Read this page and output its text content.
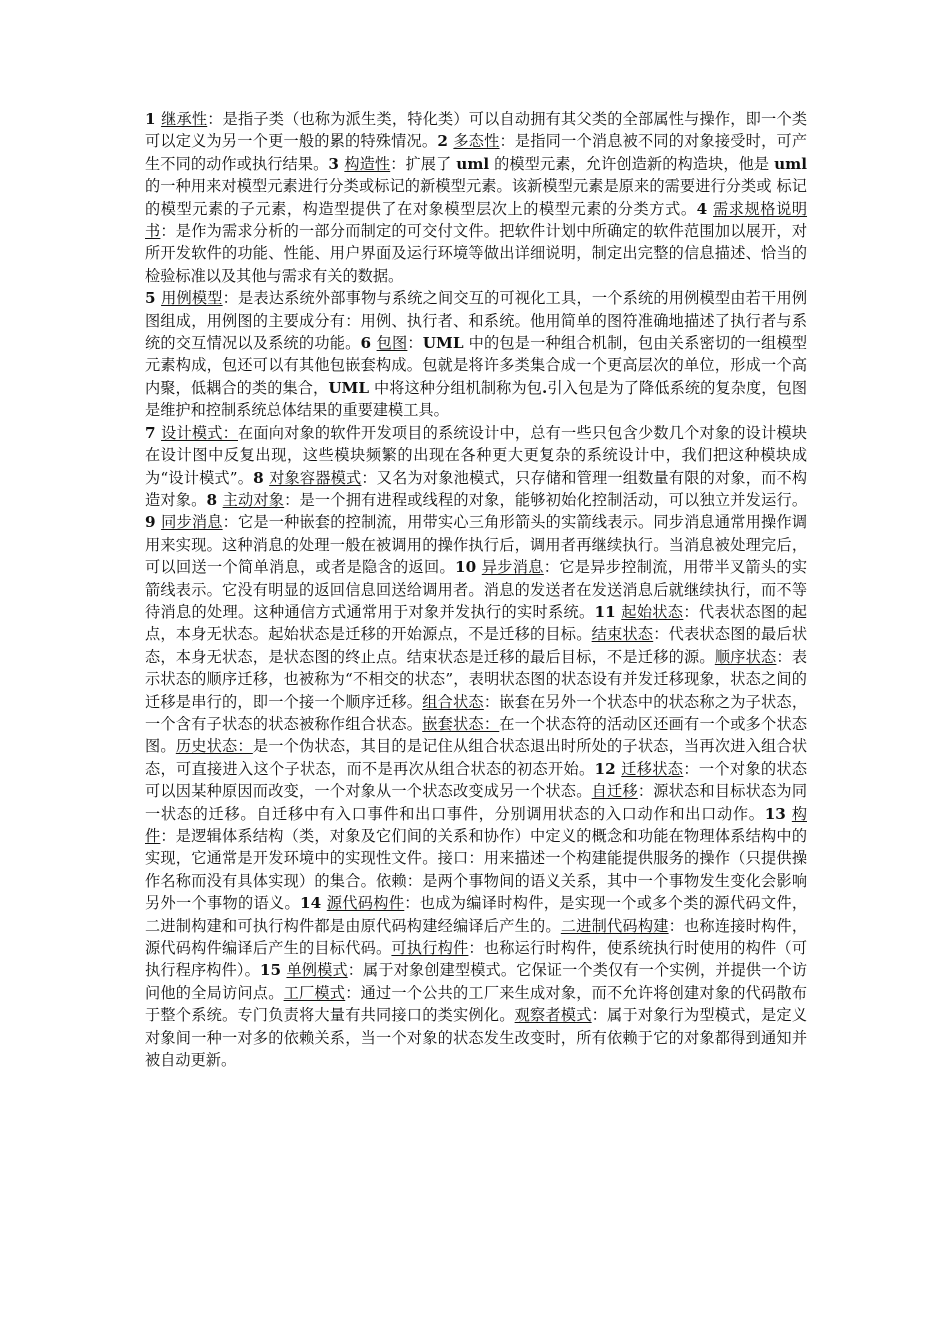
1 继承性：是指子类（也称为派生类，特化类）可以自动拥有其父类的全部属性与操作，即一个类可以定义为另一个更一般的累的特殊情况。2 多态性：是指同一个消息被不同的对象接受时，可产生不同的动作或执行结果。3 构造性：扩展了 uml 的模型元素，允许创造新的构造块，他是 uml 的一种用来对模型元素进行分类或标记的新模型元素。该新模型元素是原来的需要进行分类或 标记的模型元素的子元素，构造型提供了在对象模型层次上的模型元素的分类方式。4 需求规格说明书：是作为需求分析的一部分而制定的可交付文件。把软件计划中所确定的软件范围加以展开，对所开发软件的功能、性能、用户界面及运行环境等做出详细说明，制定出完整的信息描述、恰当的检验标准以及其他与需求有关的数据。

5 用例模型：是表达系统外部事物与系统之间交互的可视化工具，一个系统的用例模型由若干用例图组成，用例图的主要成分有：用例、执行者、和系统。他用简单的图符准确地描述了执行者与系统的交互情况以及系统的功能。6 包图：UML 中的包是一种组合机制，包由关系密切的一组模型元素构成，包还可以有其他包嵌套构成。包就是将许多类集合成一个更高层次的单位，形成一个高内聚，低耦合的类的集合，UML 中将这种分组机制称为包.引入包是为了降低系统的复杂度，包图是维护和控制系统总体结果的重要建模工具。

7 设计模式：在面向对象的软件开发项目的系统设计中，总有一些只包含少数几个对象的设计模块在设计图中反复出现，这些模块频繁的出现在各种更大更复杂的系统设计中，我们把这种模块成为“设计模式”。8 对象容器模式：又名为对象池模式，只存储和管理一组数量有限的对象，而不构造对象。8 主动对象：是一个拥有进程或线程的对象，能够初始化控制活动，可以独立并发运行。9 同步消息：它是一种嵌套的控制流，用带实心三角形箭头的实箭线表示。同步消息通常用操作调用来实现。这种消息的处理一般在被调用的操作执行后，调用者再继续执行。当消息被处理完后，可以回送一个简单消息，或者是隐含的返回。10 异步消息：它是异步控制流，用带半叉箭头的实箭线表示。它没有明显的返回信息回送给调用者。消息的发送者在发送消息后就继续执行，而不等待消息的处理。这种通信方式通常用于对象并发执行的实时系统。11 起始状态：代表状态图的起点，本身无状态。起始状态是迁移的开始源点，不是迁移的目标。结束状态：代表状态图的最后状态，本身无状态，是状态图的终止点。结束状态是迁移的最后目标，不是迁移的源。顺序状态：表示状态的顺序迁移，也被称为“不相交的状态”，表明状态图的状态设有并发迁移现象，状态之间的迁移是串行的，即一个接一个顺序迁移。组合状态：嵌套在另外一个状态中的状态称之为子状态，一个含有子状态的状态被称作组合状态。嵌套状态：在一个状态符的活动区还画有一个或多个状态图。历史状态：是一个伪状态，其目的是记住从组合状态退出时所处的子状态，当再次进入组合状态，可直接进入这个子状态，而不是再次从组合状态的初态开始。12 迁移状态：一个对象的状态可以因某种原因而改变，一个对象从一个状态改变成另一个状态。自迁移：源状态和目标状态为同一状态的迁移。自迁移中有入口事件和出口事件，分别调用状态的入口动作和出口动作。13 构件：是逻辑体系结构（类，对象及它们间的关系和协作）中定义的概念和功能在物理体系结构中的实现，它通常是开发环境中的实现性文件。接口：用来描述一个构建能提供服务的操作（只提供操作名称而没有具体实现）的集合。依赖：是两个事物间的语义关系，其中一个事物发生变化会影响另外一个事物的语义。14 源代码构件：也成为编译时构件，是实现一个或多个类的源代码文件，二进制构建和可执行构件都是由原代码构建经编译后产生的。二进制代码构建：也称连接时构件，源代码构件编译后产生的目标代码。可执行构件：也称运行时构件，使系统执行时使用的构件（可执行程序构件）。15 单例模式：属于对象创建型模式。它保证一个类仅有一个实例，并提供一个访问他的全局访问点。工厂模式：通过一个公共的工厂来生成对象，而不允许将创建对象的代码散布于整个系统。专门负责将大量有共同接口的类实例化。观察者模式：属于对象行为型模式，是定义对象间一种一对多的依赖关系，当一个对象的状态发生改变时，所有依赖于它的对象都得到通知并被自动更新。
